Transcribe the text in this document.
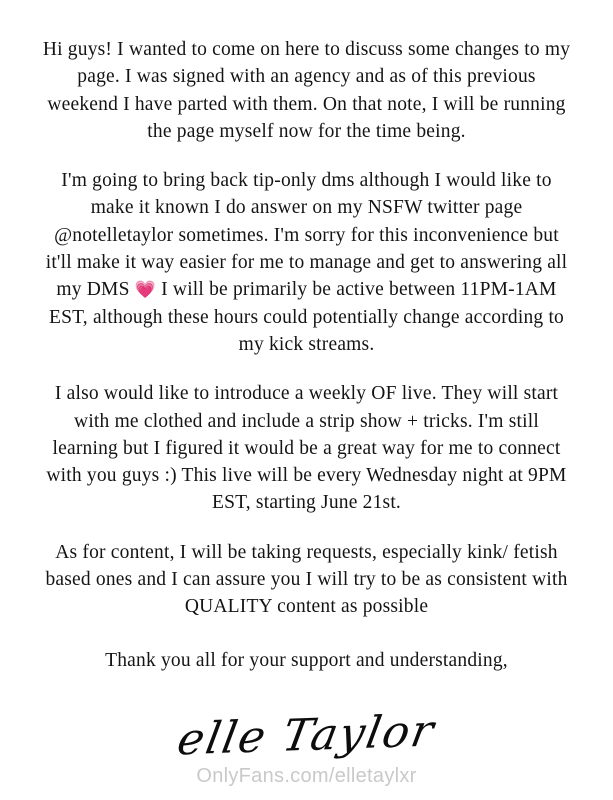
Hi guys! I wanted to come on here to discuss some changes to my page. I was signed with an agency and as of this previous weekend I have parted with them. On that note, I will be running the page myself now for the time being.

I'm going to bring back tip-only dms although I would like to make it known I do answer on my NSFW twitter page @notelletaylor sometimes. I'm sorry for this inconvenience but it'll make it way easier for me to manage and get to answering all my DMS 💗 I will be primarily be active between 11PM-1AM EST, although these hours could potentially change according to my kick streams.

I also would like to introduce a weekly OF live. They will start with me clothed and include a strip show + tricks. I'm still learning but I figured it would be a great way for me to connect with you guys :) This live will be every Wednesday night at 9PM EST, starting June 21st.

As for content, I will be taking requests, especially kink/ fetish based ones and I can assure you I will try to be as consistent with QUALITY content as possible

Thank you all for your support and understanding,

elle Taylor
OnlyFans.com/elletaylxr
